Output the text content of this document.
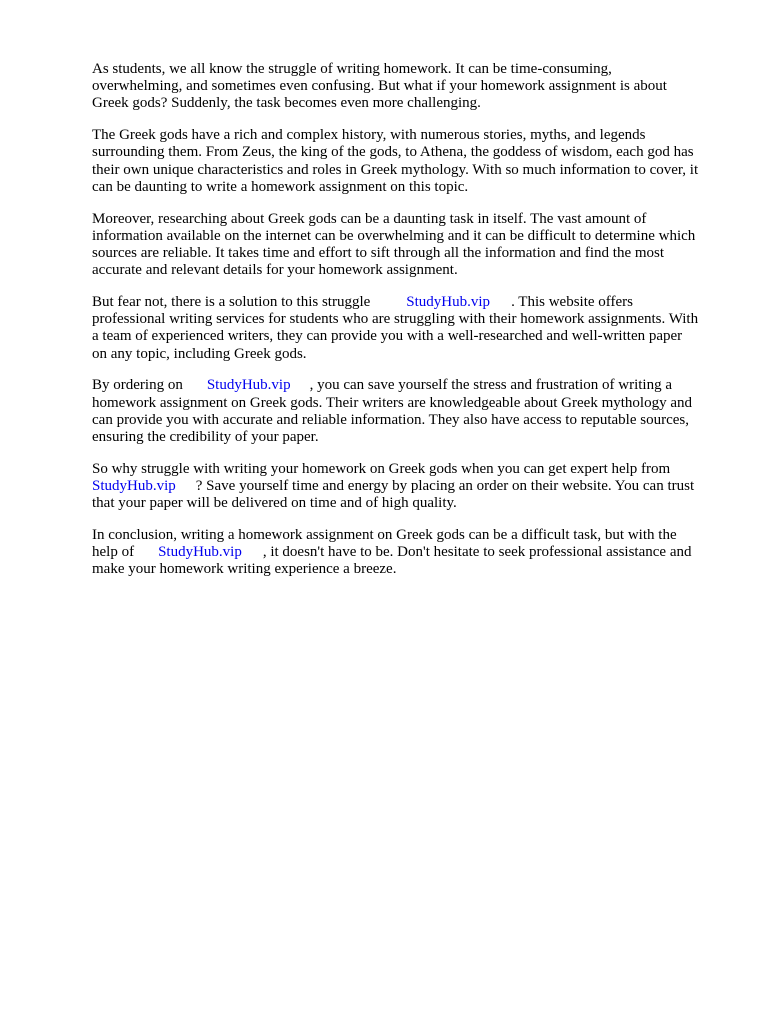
As students, we all know the struggle of writing homework. It can be time-consuming,
overwhelming, and sometimes even confusing. But what if your homework assignment is about
Greek gods? Suddenly, the task becomes even more challenging.

The Greek gods have a rich and complex history, with numerous stories, myths, and legends
surrounding them. From Zeus, the king of the gods, to Athena, the goddess of wisdom, each god has
their own unique characteristics and roles in Greek mythology. With so much information to cover, it
can be daunting to write a homework assignment on this topic.

Moreover, researching about Greek gods can be a daunting task in itself. The vast amount of
information available on the internet can be overwhelming and it can be difficult to determine which
sources are reliable. It takes time and effort to sift through all the information and find the most
accurate and relevant details for your homework assignment.

But fear not, there is a solution to this struggle StudyHub.vip . This website offers
professional writing services for students who are struggling with their homework assignments. With
a team of experienced writers, they can provide you with a well-researched and well-written paper
on any topic, including Greek gods.

By ordering on StudyHub.vip , you can save yourself the stress and frustration of writing a
homework assignment on Greek gods. Their writers are knowledgeable about Greek mythology and
can provide you with accurate and reliable information. They also have access to reputable sources,
ensuring the credibility of your paper.

So why struggle with writing your homework on Greek gods when you can get expert help from
StudyHub.vip ? Save yourself time and energy by placing an order on their website. You can trust
that your paper will be delivered on time and of high quality.

In conclusion, writing a homework assignment on Greek gods can be a difficult task, but with the
help of StudyHub.vip , it doesn't have to be. Don't hesitate to seek professional assistance and
make your homework writing experience a breeze.
